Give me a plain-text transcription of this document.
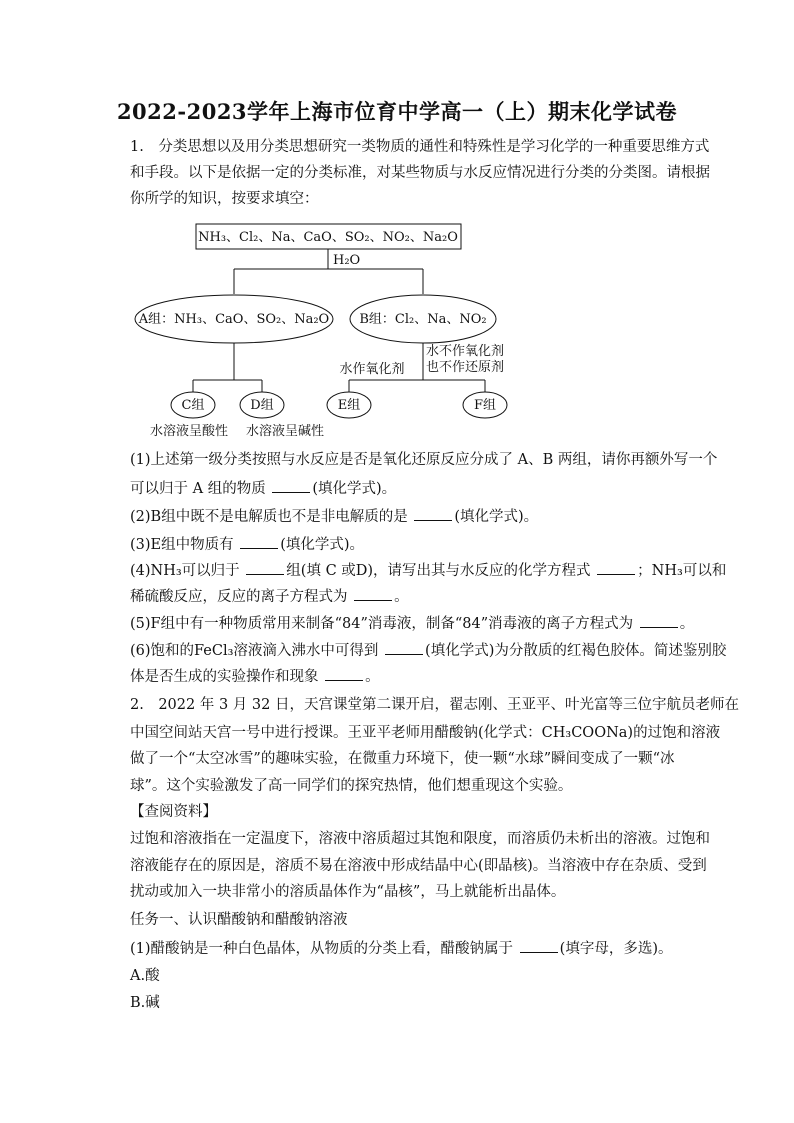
2022-2023学年上海市位育中学高一（上）期末化学试卷
1.　分类思想以及用分类思想研究一类物质的通性和特殊性是学习化学的一种重要思维方式
和手段。以下是依据一定的分类标准，对某些物质与水反应情况进行分类的分类图。请根据
你所学的知识，按要求填空：
NH₃、Cl₂、Na、CaO、SO₂、NO₂、Na₂O
H₂O
A组：NH₃、CaO、SO₂、Na₂O B组：Cl₂、Na、NO₂
水作氧化剂
水不作氧化剂
也不作还原剂
C组	D组	E组	F组
水溶液呈酸性 水溶液呈碱性
(1)上述第一级分类按照与水反应是否是氧化还原反应分成了 A、B 两组，请你再额外写一个
可以归于 A 组的物质	(填化学式)。
(2)B组中既不是电解质也不是非电解质的是	(填化学式)。
(3)E组中物质有	(填化学式)。
(4)NH₃可以归于	组(填 C 或D)，请写出其与水反应的化学方程式	；NH₃可以和
稀硫酸反应，反应的离子方程式为	。
(5)F组中有一种物质常用来制备“84”消毒液，制备“84”消毒液的离子方程式为	。
(6)饱和的FeCl₃溶液滴入沸水中可得到	(填化学式)为分散质的红褐色胶体。简述鉴别胶
体是否生成的实验操作和现象	。
2.　2022 年 3 月 32 日，天宫课堂第二课开启，翟志刚、王亚平、叶光富等三位宇航员老师在
中国空间站天宫一号中进行授课。王亚平老师用醋酸钠(化学式：CH₃COONa)的过饱和溶液
做了一个“太空冰雪”的趣味实验，在微重力环境下，使一颗“水球”瞬间变成了一颗“冰
球”。这个实验激发了高一同学们的探究热情，他们想重现这个实验。
【查阅资料】
过饱和溶液指在一定温度下，溶液中溶质超过其饱和限度，而溶质仍未析出的溶液。过饱和
溶液能存在的原因是，溶质不易在溶液中形成结晶中心(即晶核)。当溶液中存在杂质、受到
扰动或加入一块非常小的溶质晶体作为“晶核”，马上就能析出晶体。
任务一、认识醋酸钠和醋酸钠溶液
(1)醋酸钠是一种白色晶体，从物质的分类上看，醋酸钠属于	(填字母，多选)。
A.酸
B.碱
